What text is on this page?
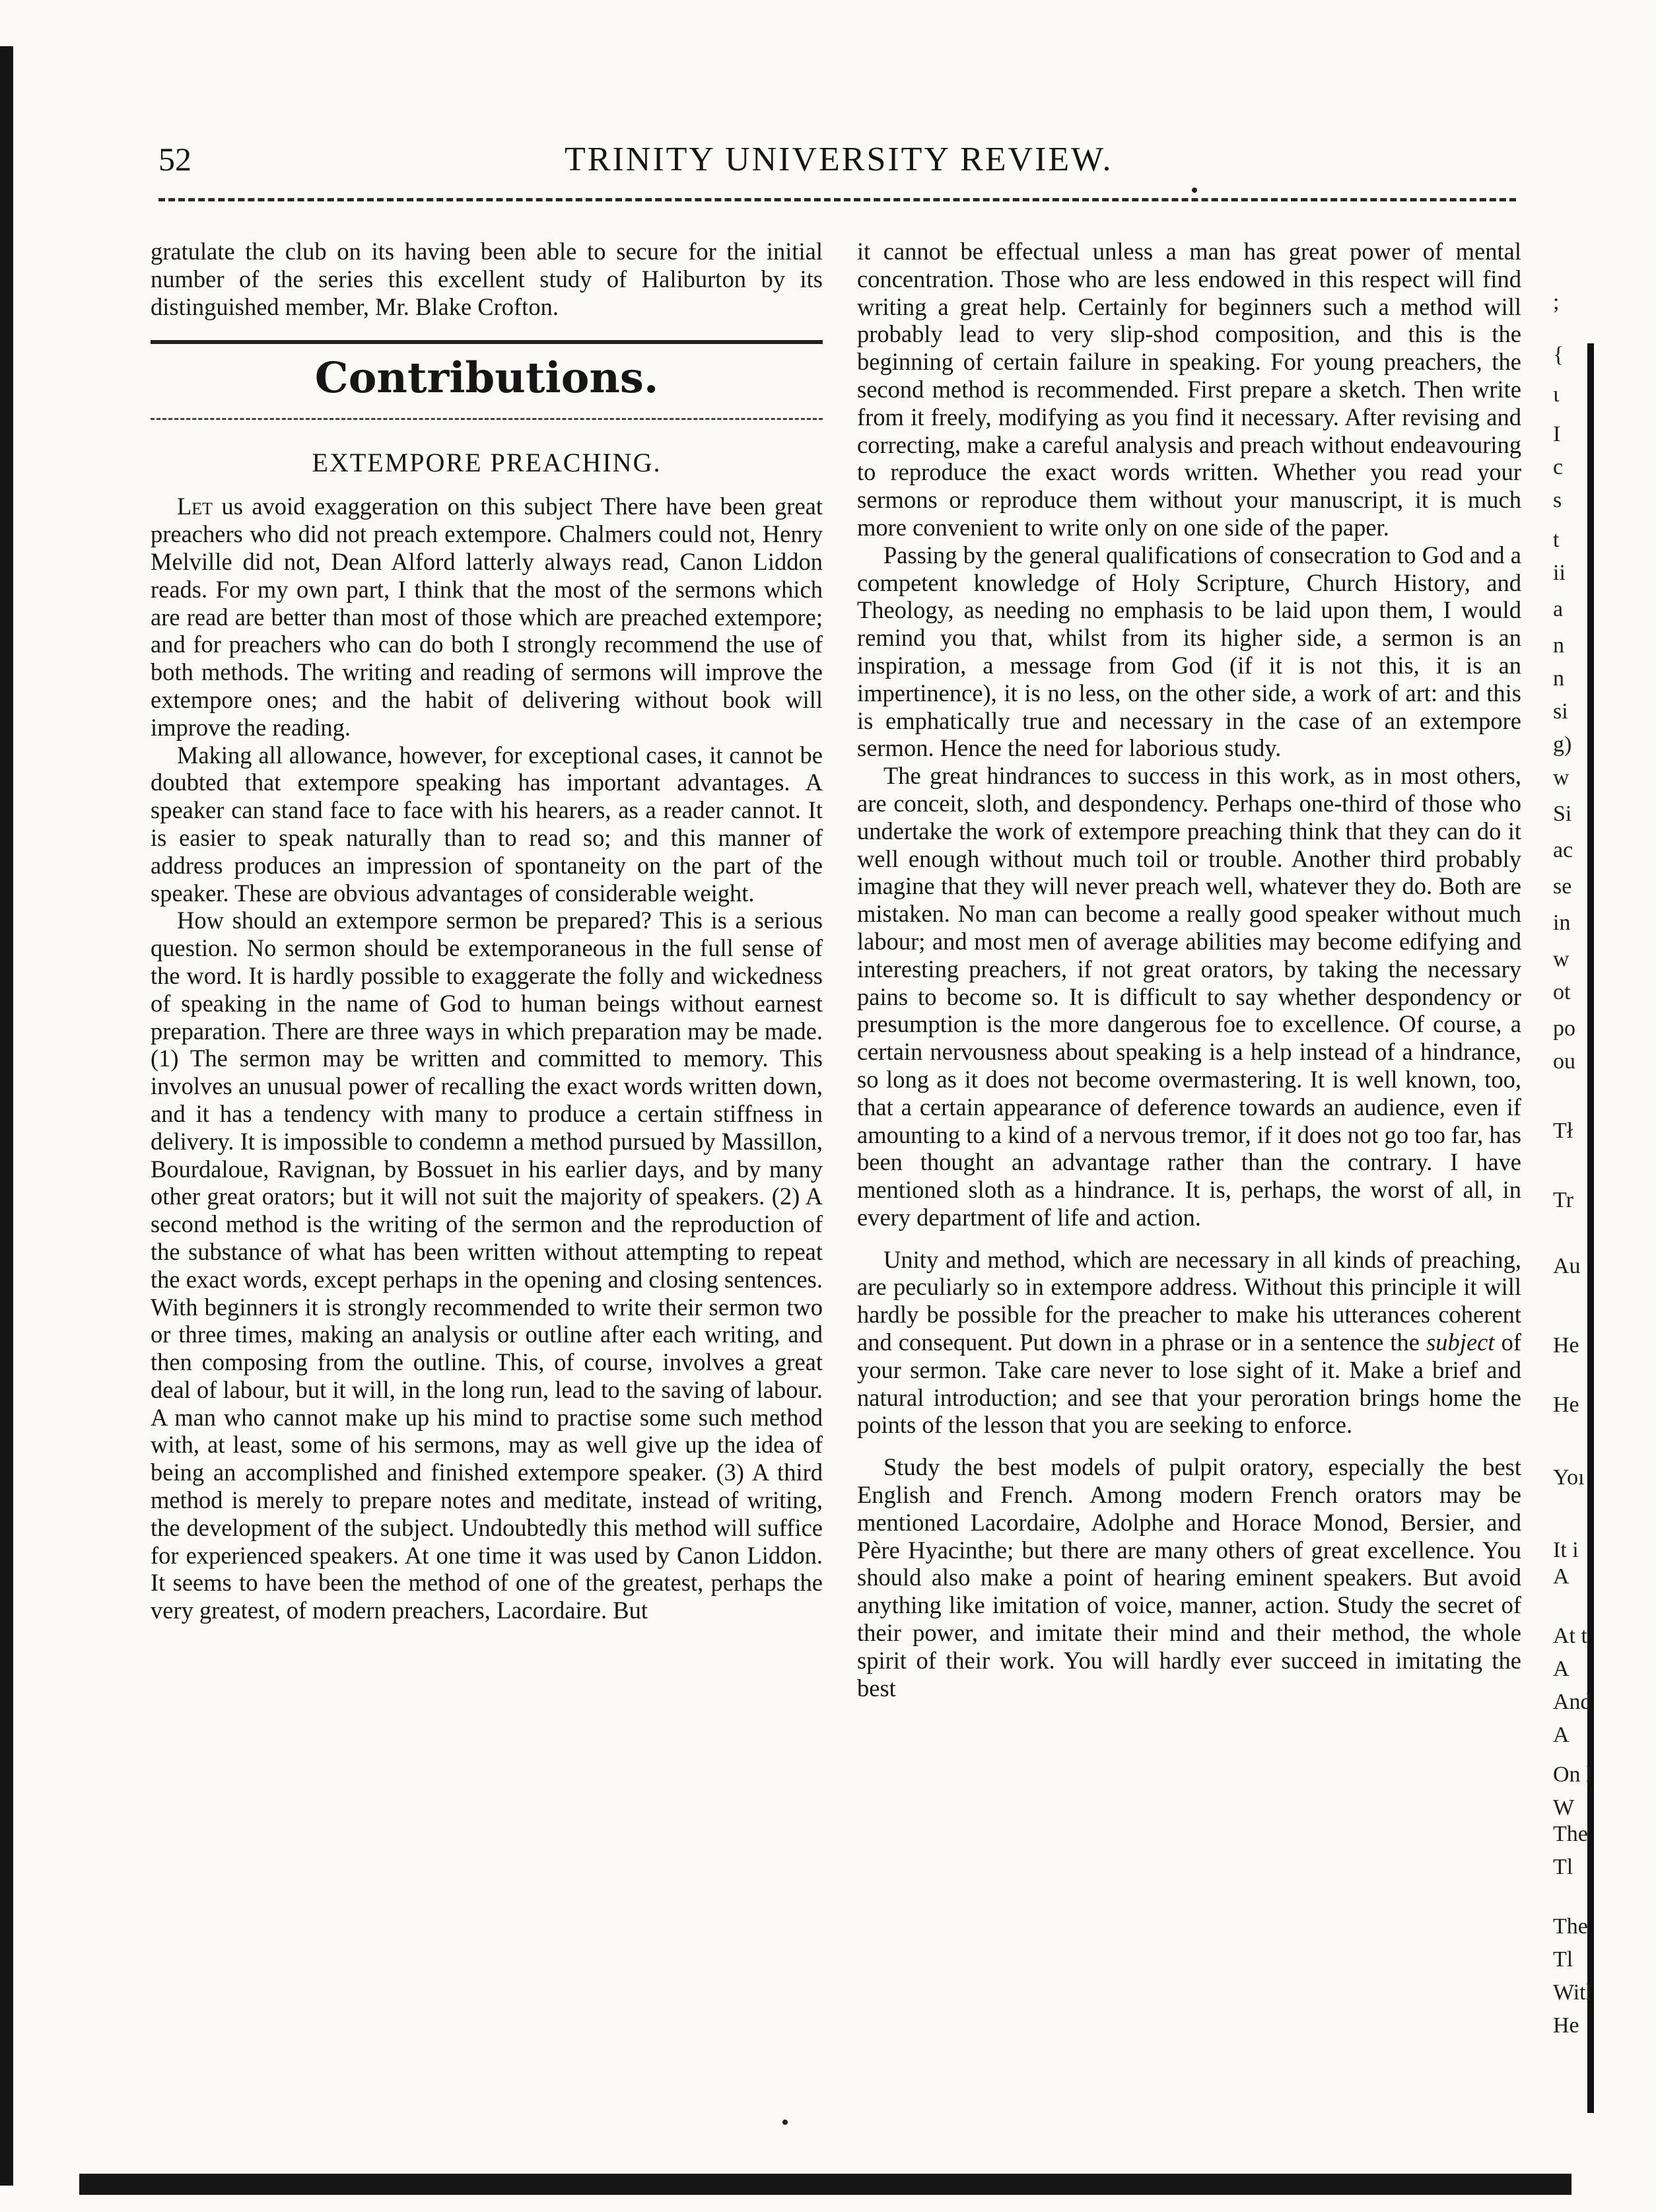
52	TRINITY UNIVERSITY REVIEW.

gratulate the club on its having been able to secure for the initial number of the series this excellent study of Haliburton by its distinguished member, Mr. Blake Crofton.

Contributions.
EXTEMPORE PREACHING.

Let us avoid exaggeration on this subject There have been great preachers who did not preach extempore. Chalmers could not, Henry Melville did not, Dean Alford latterly always read, Canon Liddon reads. For my own part, I think that the most of the sermons which are read are better than most of those which are preached extempore; and for preachers who can do both I strongly recommend the use of both methods. The writing and reading of sermons will improve the extempore ones; and the habit of delivering without book will improve the reading.

Making all allowance, however, for exceptional cases, it cannot be doubted that extempore speaking has important advantages. A speaker can stand face to face with his hearers, as a reader cannot. It is easier to speak naturally than to read so; and this manner of address produces an impression of spontaneity on the part of the speaker. These are obvious advantages of considerable weight.

How should an extempore sermon be prepared? This is a serious question. No sermon should be extemporaneous in the full sense of the word. It is hardly possible to exaggerate the folly and wickedness of speaking in the name of God to human beings without earnest preparation. There are three ways in which preparation may be made. (1) The sermon may be written and committed to memory. This involves an unusual power of recalling the exact words written down, and it has a tendency with many to produce a certain stiffness in delivery. It is impossible to condemn a method pursued by Massillon, Bourdaloue, Ravignan, by Bossuet in his earlier days, and by many other great orators; but it will not suit the majority of speakers. (2) A second method is the writing of the sermon and the reproduction of the substance of what has been written without attempting to repeat the exact words, except perhaps in the opening and closing sentences. With beginners it is strongly recommended to write their sermon two or three times, making an analysis or outline after each writing, and then composing from the outline. This, of course, involves a great deal of labour, but it will, in the long run, lead to the saving of labour. A man who cannot make up his mind to practise some such method with, at least, some of his sermons, may as well give up the idea of being an accomplished and finished extempore speaker. (3) A third method is merely to prepare notes and meditate, instead of writing, the development of the subject. Undoubtedly this method will suffice for experienced speakers. At one time it was used by Canon Liddon. It seems to have been the method of one of the greatest, perhaps the very greatest, of modern preachers, Lacordaire. But

it cannot be effectual unless a man has great power of mental concentration. Those who are less endowed in this respect will find writing a great help. Certainly for beginners such a method will probably lead to very slip-shod composition, and this is the beginning of certain failure in speaking. For young preachers, the second method is recommended. First prepare a sketch. Then write from it freely, modifying as you find it necessary. After revising and correcting, make a careful analysis and preach without endeavouring to reproduce the exact words written. Whether you read your sermons or reproduce them without your manuscript, it is much more convenient to write only on one side of the paper.

Passing by the general qualifications of consecration to God and a competent knowledge of Holy Scripture, Church History, and Theology, as needing no emphasis to be laid upon them, I would remind you that, whilst from its higher side, a sermon is an inspiration, a message from God (if it is not this, it is an impertinence), it is no less, on the other side, a work of art: and this is emphatically true and necessary in the case of an extempore sermon. Hence the need for laborious study.

The great hindrances to success in this work, as in most others, are conceit, sloth, and despondency. Perhaps one-third of those who undertake the work of extempore preaching think that they can do it well enough without much toil or trouble. Another third probably imagine that they will never preach well, whatever they do. Both are mistaken. No man can become a really good speaker without much labour; and most men of average abilities may become edifying and interesting preachers, if not great orators, by taking the necessary pains to become so. It is difficult to say whether despondency or presumption is the more dangerous foe to excellence. Of course, a certain nervousness about speaking is a help instead of a hindrance, so long as it does not become overmastering. It is well known, too, that a certain appearance of deference towards an audience, even if amounting to a kind of a nervous tremor, if it does not go too far, has been thought an advantage rather than the contrary. I have mentioned sloth as a hindrance. It is, perhaps, the worst of all, in every department of life and action.

Unity and method, which are necessary in all kinds of preaching, are peculiarly so in extempore address. Without this principle it will hardly be possible for the preacher to make his utterances coherent and consequent. Put down in a phrase or in a sentence the subject of your sermon. Take care never to lose sight of it. Make a brief and natural introduction; and see that your peroration brings home the points of the lesson that you are seeking to enforce.

Study the best models of pulpit oratory, especially the best English and French. Among modern French orators may be mentioned Lacordaire, Adolphe and Horace Monod, Bersier, and Père Hyacinthe; but there are many others of great excellence. You should also make a point of hearing eminent speakers. But avoid anything like imitation of voice, manner, action. Study the secret of their power, and imitate their mind and their method, the whole spirit of their work. You will hardly ever succeed in imitating the best

;
{
ɩ
I
c
s
t
ii
a
n
n
si
g)
w
Si
ac
se
in
w
ot
po
ou
Tł
Tr
Au
He
He
Yoı
It i
A
At t
A
And
A
On l
W
The
Tl
The
Tl
Witl
He
